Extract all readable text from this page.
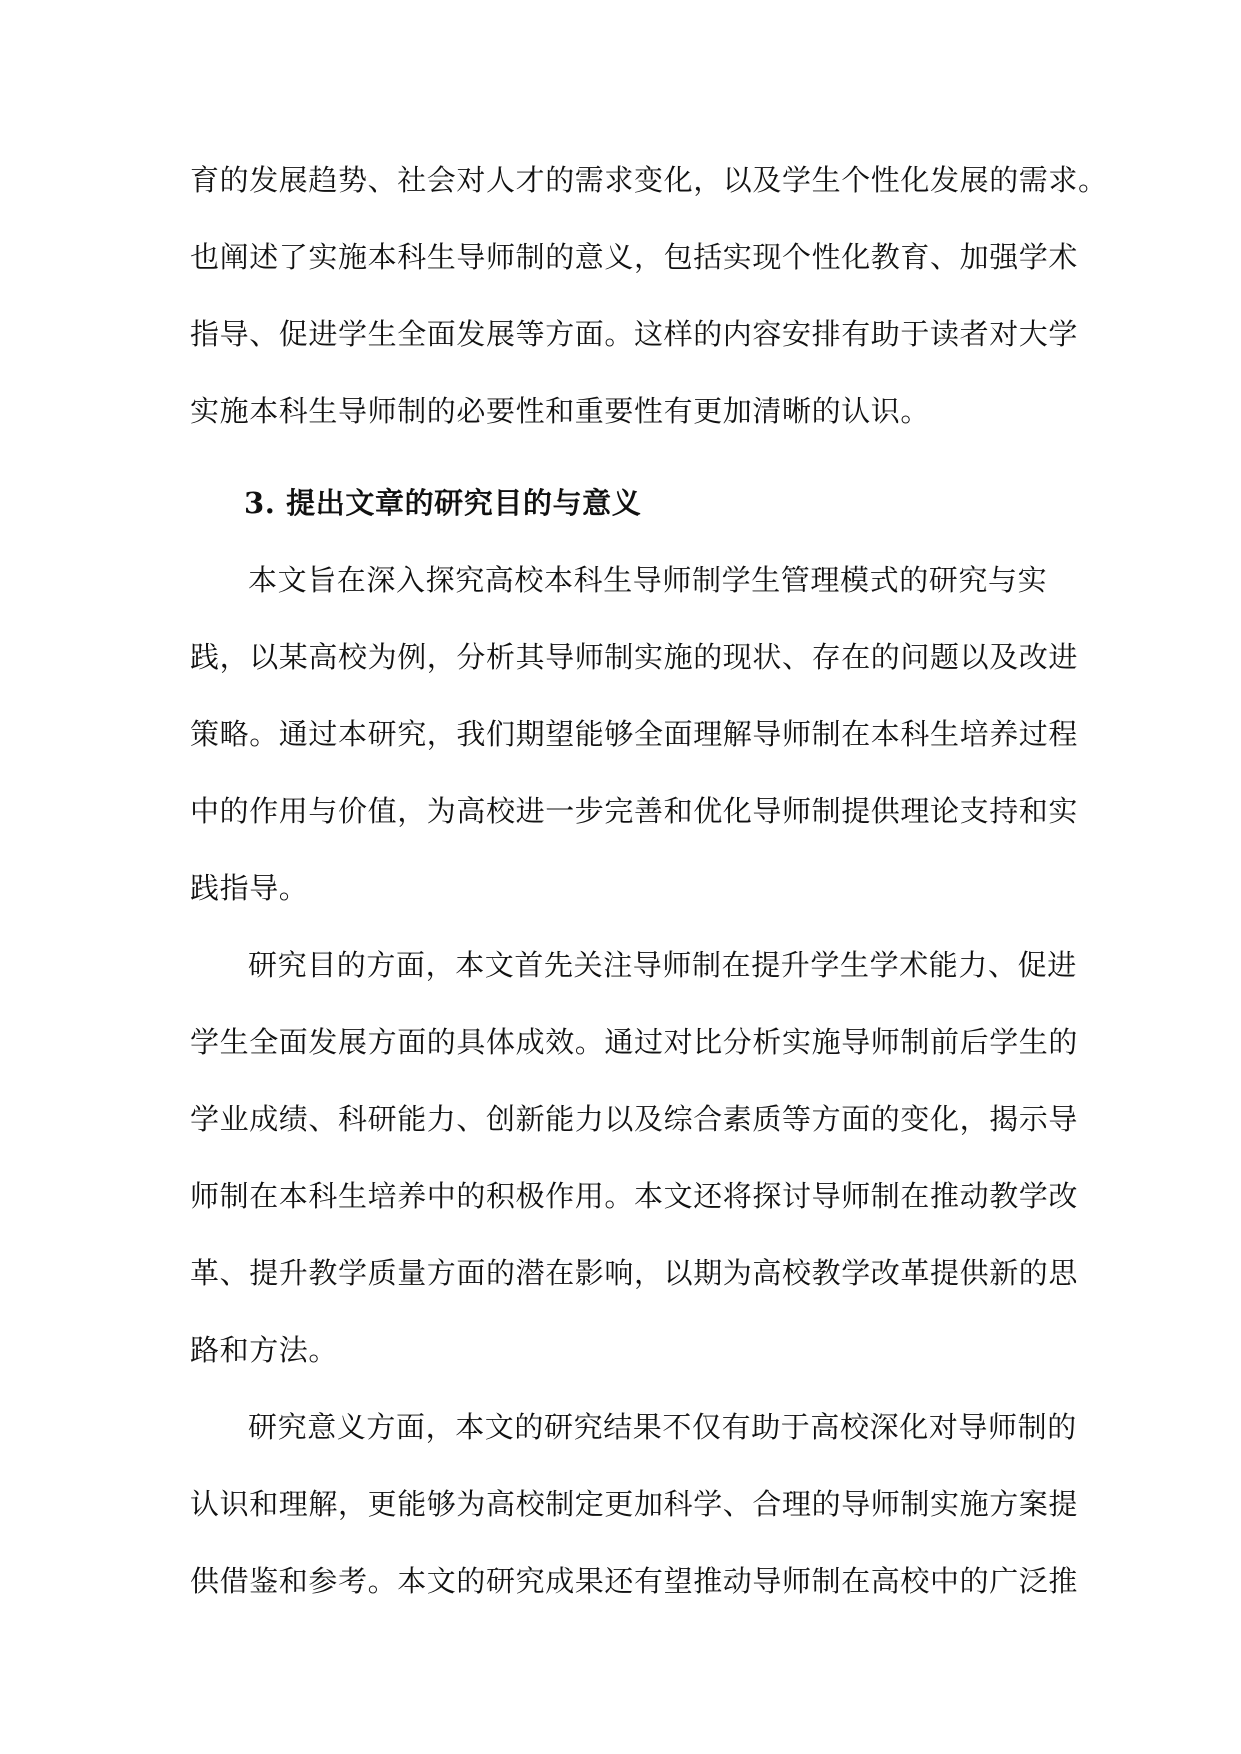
育的发展趋势、社会对人才的需求变化，以及学生个性化发展的需求。
也阐述了实施本科生导师制的意义，包括实现个性化教育、加强学术
指导、促进学生全面发展等方面。这样的内容安排有助于读者对大学
实施本科生导师制的必要性和重要性有更加清晰的认识。
3. 提出文章的研究目的与意义
本文旨在深入探究高校本科生导师制学生管理模式的研究与实
践，以某高校为例，分析其导师制实施的现状、存在的问题以及改进
策略。通过本研究，我们期望能够全面理解导师制在本科生培养过程
中的作用与价值，为高校进一步完善和优化导师制提供理论支持和实
践指导。
研究目的方面，本文首先关注导师制在提升学生学术能力、促进
学生全面发展方面的具体成效。通过对比分析实施导师制前后学生的
学业成绩、科研能力、创新能力以及综合素质等方面的变化，揭示导
师制在本科生培养中的积极作用。本文还将探讨导师制在推动教学改
革、提升教学质量方面的潜在影响，以期为高校教学改革提供新的思
路和方法。
研究意义方面，本文的研究结果不仅有助于高校深化对导师制的
认识和理解，更能够为高校制定更加科学、合理的导师制实施方案提
供借鉴和参考。本文的研究成果还有望推动导师制在高校中的广泛推
